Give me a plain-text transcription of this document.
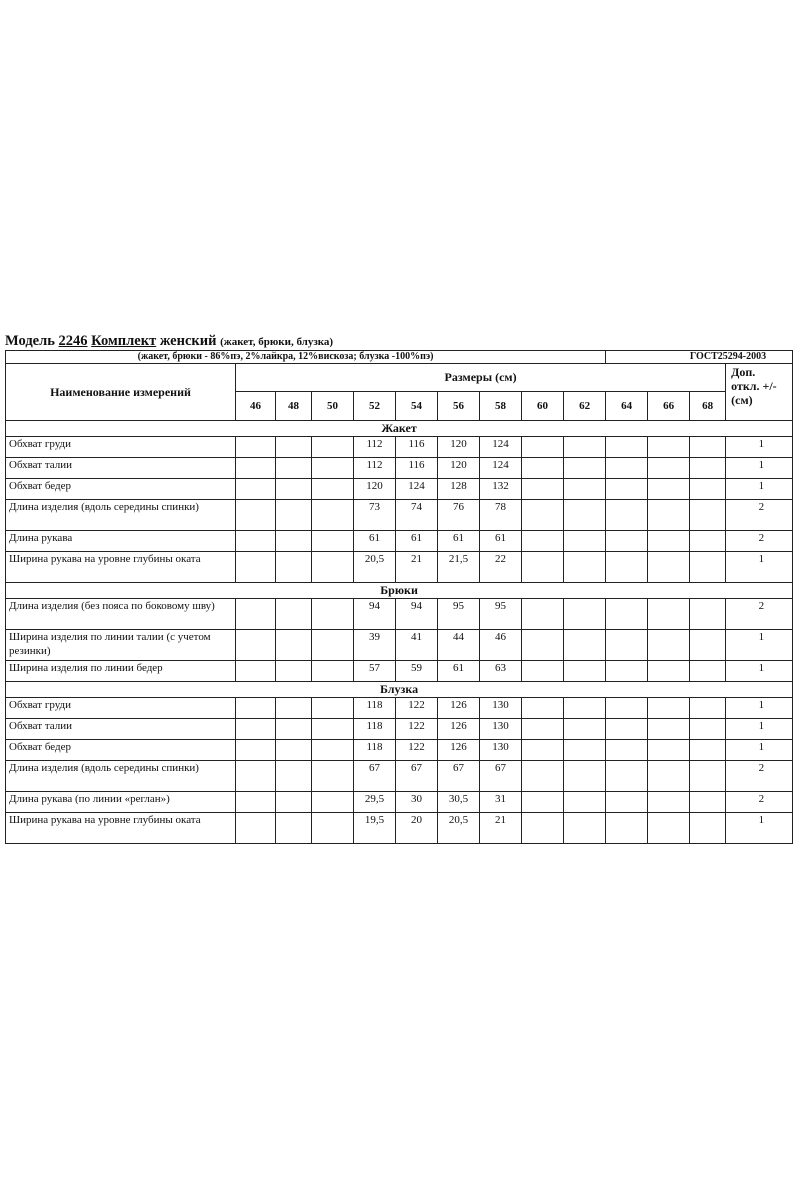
Модель 2246 Комплект женский (жакет, брюки, блузка)
(жакет, брюки - 86%пэ, 2%лайкра, 12%вискоза; блузка -100%пэ)										ГОСТ25294-2003			
Наименование измерений	Размеры (см)												Доп.
откл. +/-
(см)

	46	48	50	52	54	56	58	60	62	64	66	68	
Жакет													
Обхват груди				112	116	120	124						1
Обхват талии				112	116	120	124						1
Обхват бедер				120	124	128	132						1
Длина изделия (вдоль середины спинки)				73	74	76	78						2
Длина рукава				61	61	61	61						2
Ширина рукава на уровне глубины оката				20,5	21	21,5	22						1
Брюки													
Длина изделия (без пояса по боковому шву)				94	94	95	95						2
Ширина изделия по линии талии (с учетом резинки)				39	41	44	46						1
Ширина изделия по линии бедер				57	59	61	63						1
Блузка													
Обхват груди				118	122	126	130						1
Обхват талии				118	122	126	130						1
Обхват бедер				118	122	126	130						1
Длина изделия (вдоль середины спинки)				67	67	67	67						2
Длина рукава (по линии «реглан»)				29,5	30	30,5	31						2
Ширина рукава на уровне глубины оката				19,5	20	20,5	21						1
